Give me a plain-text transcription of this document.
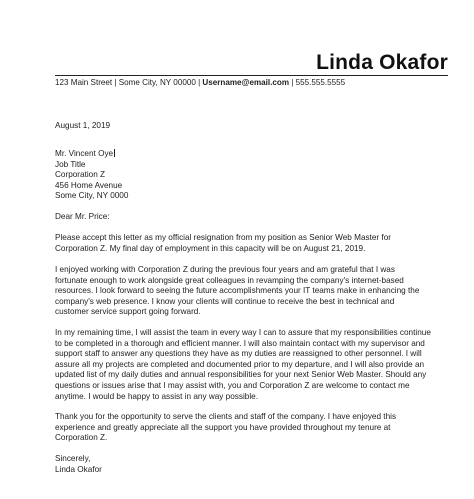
Linda Okafor
123 Main Street | Some City, NY 00000 | Username@email.com | 555.555.5555
August 1, 2019
Mr. Vincent Oye
Job Title
Corporation Z
456 Home Avenue
Some City, NY 0000
Dear Mr. Price:
Please accept this letter as my official resignation from my position as Senior Web Master for
Corporation Z. My final day of employment in this capacity will be on August 21, 2019.
I enjoyed working with Corporation Z during the previous four years and am grateful that I was
fortunate enough to work alongside great colleagues in revamping the company's internet-based
resources. I look forward to seeing the future accomplishments your IT teams make in enhancing the
company's web presence. I know your clients will continue to receive the best in technical and
customer service support going forward.
In my remaining time, I will assist the team in every way I can to assure that my responsibilities continue
to be completed in a thorough and efficient manner. I will also maintain contact with my supervisor and
support staff to answer any questions they have as my duties are reassigned to other personnel. I will
assure all my projects are completed and documented prior to my departure, and I will also provide an
updated list of my daily duties and annual responsibilities for your next Senior Web Master. Should any
questions or issues arise that I may assist with, you and Corporation Z are welcome to contact me
anytime. I would be happy to assist in any way possible.
Thank you for the opportunity to serve the clients and staff of the company. I have enjoyed this
experience and greatly appreciate all the support you have provided throughout my tenure at
Corporation Z.
Sincerely,
Linda Okafor
